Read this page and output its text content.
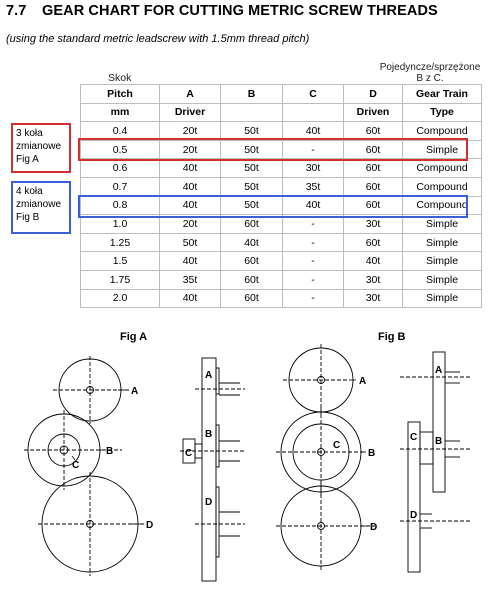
7.7 GEAR CHART FOR CUTTING METRIC SCREW THREADS
(using the standard metric leadscrew with 1.5mm thread pitch)
Pojedyncze/sprzężone
B z C.
Skok
Pitch	A	B	C	D	Gear Train
mm	Driver			Driven	Type
0.4	20t	50t	40t	60t	Compound
0.5	20t	50t	-	60t	Simple
0.6	40t	50t	30t	60t	Compound
0.7	40t	50t	35t	60t	Compound
0.8	40t	50t	40t	60t	Compound
1.0	20t	60t	-	30t	Simple
1.25	50t	40t	-	60t	Simple
1.5	40t	60t	-	40t	Simple
1.75	35t	60t	-	30t	Simple
2.0	40t	60t	-	30t	Simple
3 koła
zmianowe
Fig A
4 koła
zmianowe
Fig B
Fig A	Fig B
A
B
C
D
A
B
C
D
A
C
B
D
A
C B
D
